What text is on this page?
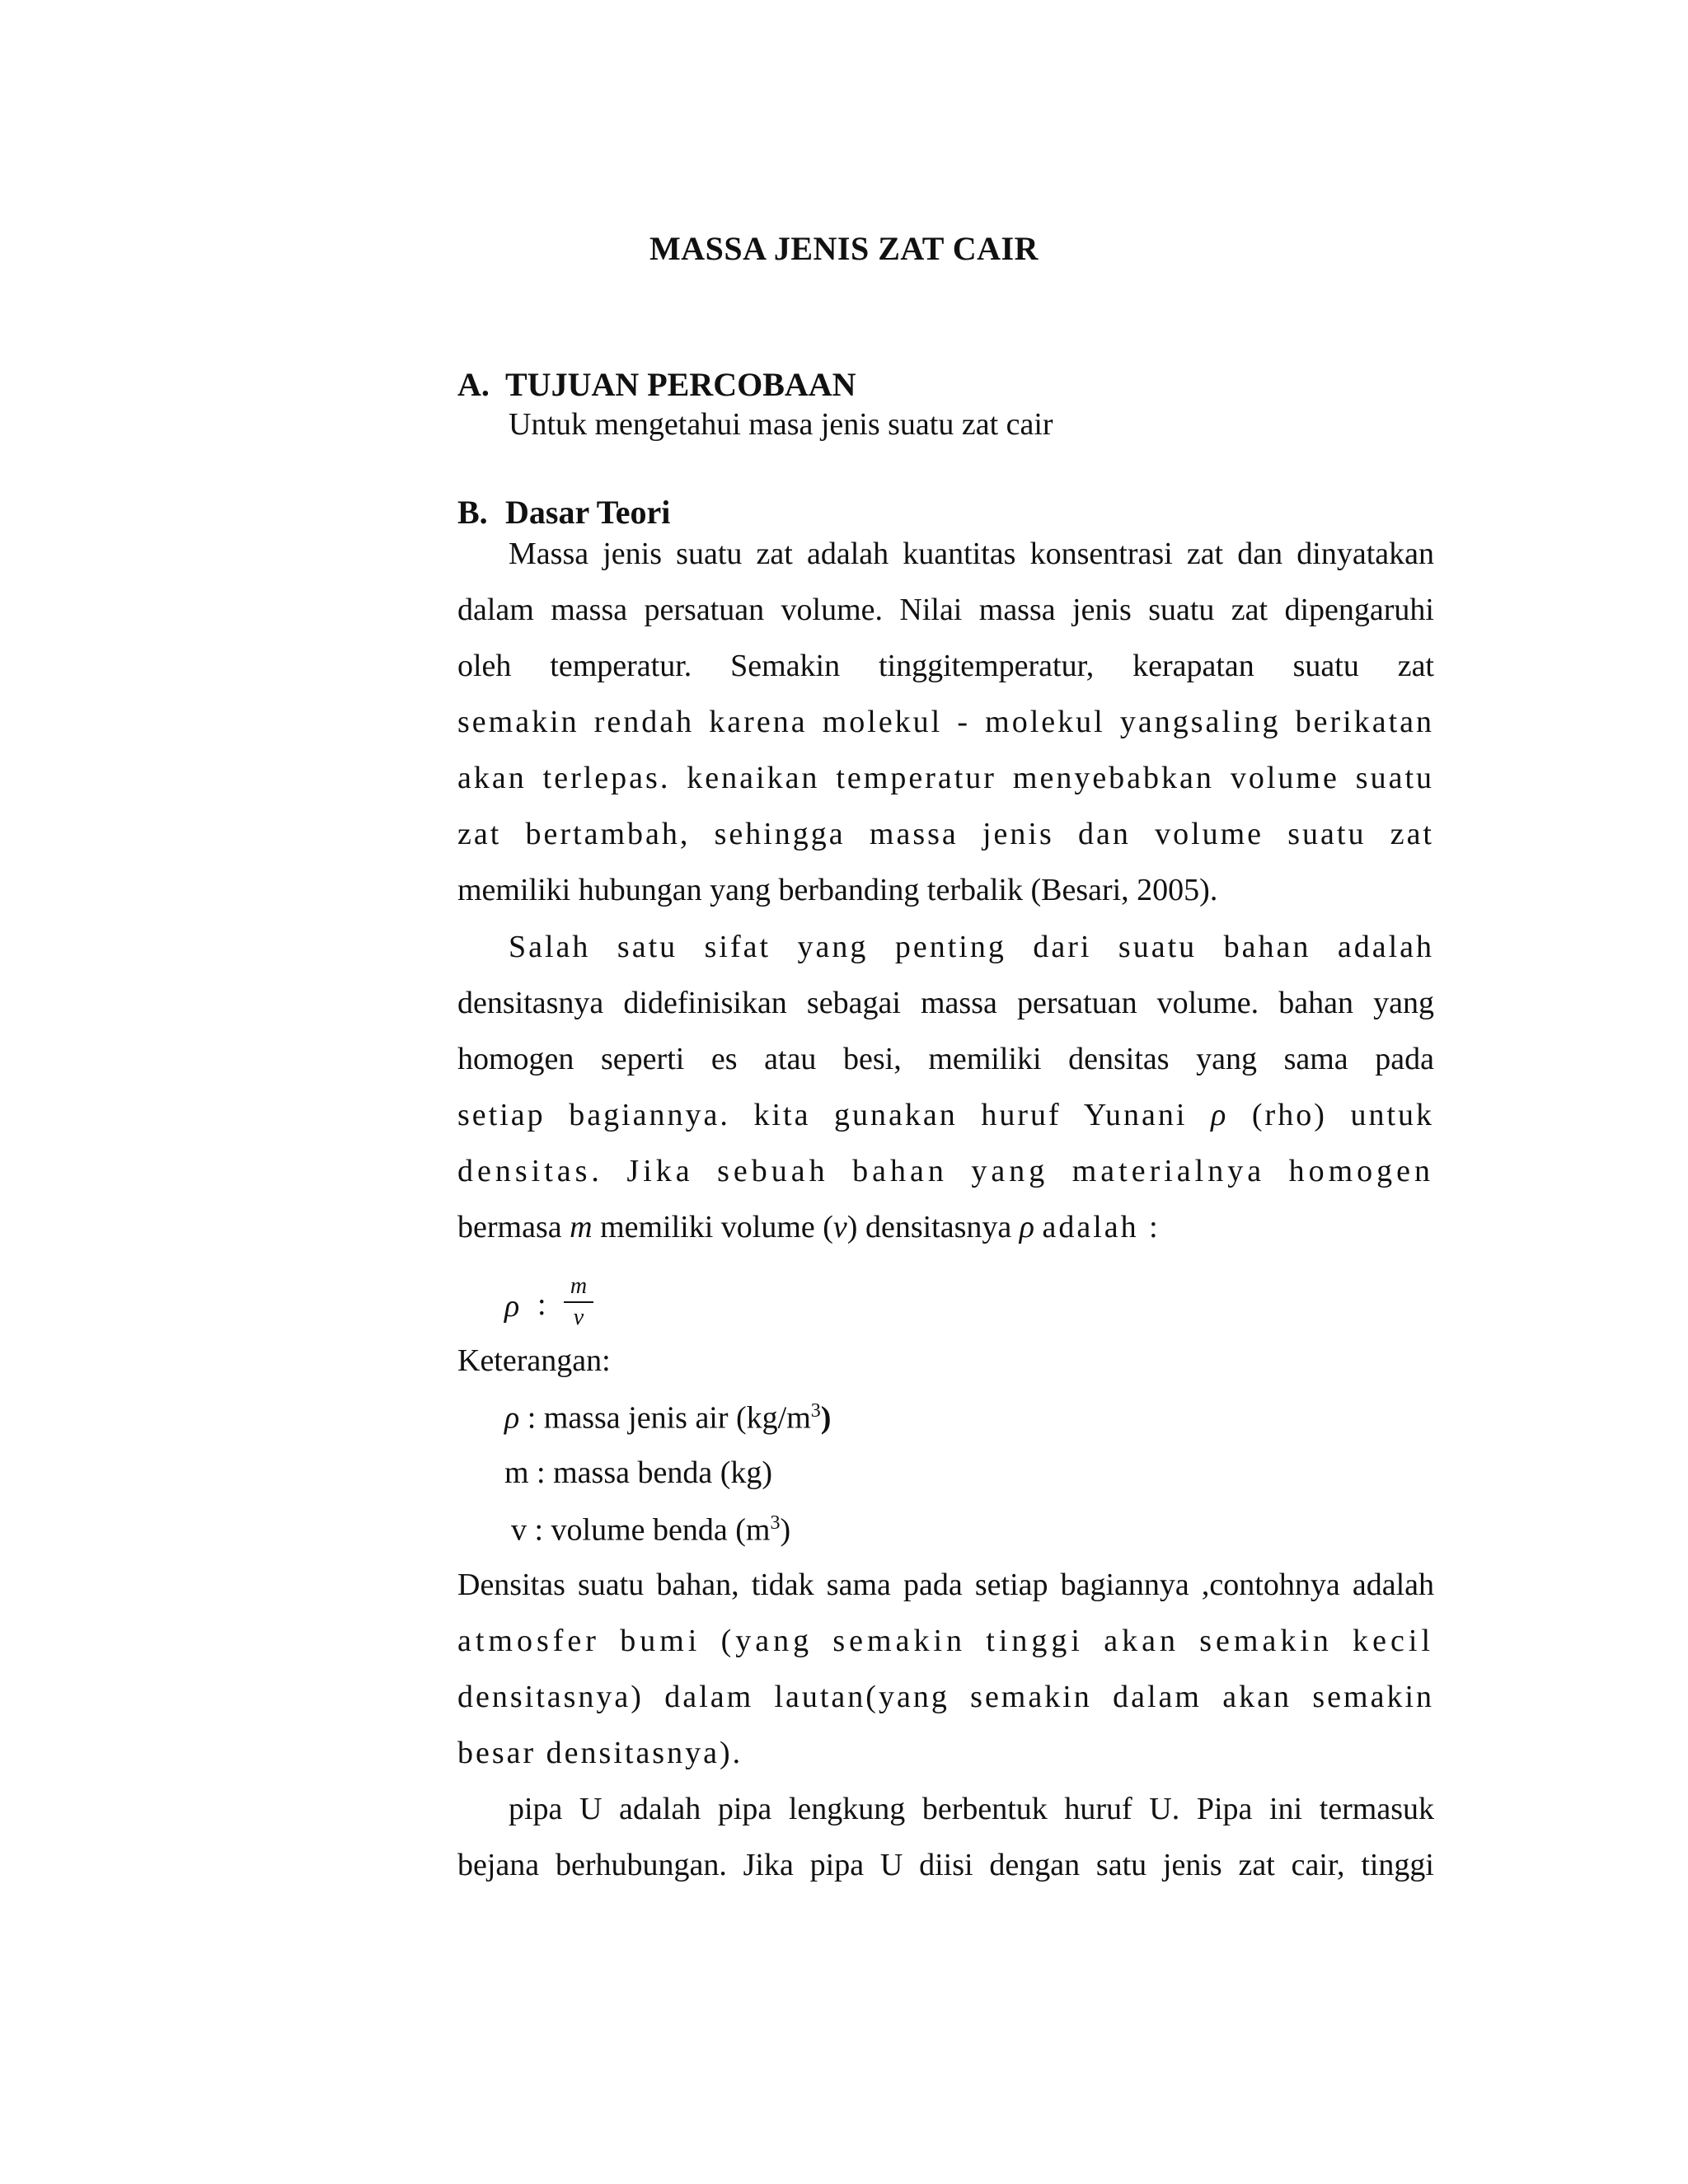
MASSA JENIS ZAT CAIR
A. TUJUAN PERCOBAAN
Untuk mengetahui masa jenis suatu zat cair
B. Dasar Teori
Massa jenis suatu zat adalah kuantitas konsentrasi zat dan dinyatakan
dalam massa persatuan volume. Nilai massa jenis suatu zat dipengaruhi
oleh temperatur. Semakin tinggitemperatur, kerapatan suatu zat
semakin rendah karena molekul - molekul yangsaling berikatan
akan terlepas. kenaikan temperatur menyebabkan volume suatu
zat bertambah, sehingga massa jenis dan volume suatu zat
memiliki hubungan yang berbanding terbalik (Besari, 2005).
Salah satu sifat yang penting dari suatu bahan adalah
densitasnya didefinisikan sebagai massa persatuan volume. bahan yang
homogen seperti es atau besi, memiliki densitas yang sama pada
setiap bagiannya. kita gunakan huruf Yunani ρ (rho) untuk
densitas. Jika sebuah bahan yang materialnya homogen
bermasa m memiliki volume (v) densitasnya ρ adalah :
ρ :
m
v
Keterangan:
ρ : massa jenis air $(kg/m^3)$
m : massa benda (kg)
v : volume benda $(m^3)$
Densitas suatu bahan, tidak sama pada setiap bagiannya ,contohnya adalah
atmosfer bumi (yang semakin tinggi akan semakin kecil
densitasnya) dalam lautan(yang semakin dalam akan semakin
besar densitasnya).
pipa U adalah pipa lengkung berbentuk huruf U. Pipa ini termasuk
bejana berhubungan. Jika pipa U diisi dengan satu jenis zat cair, tinggi
